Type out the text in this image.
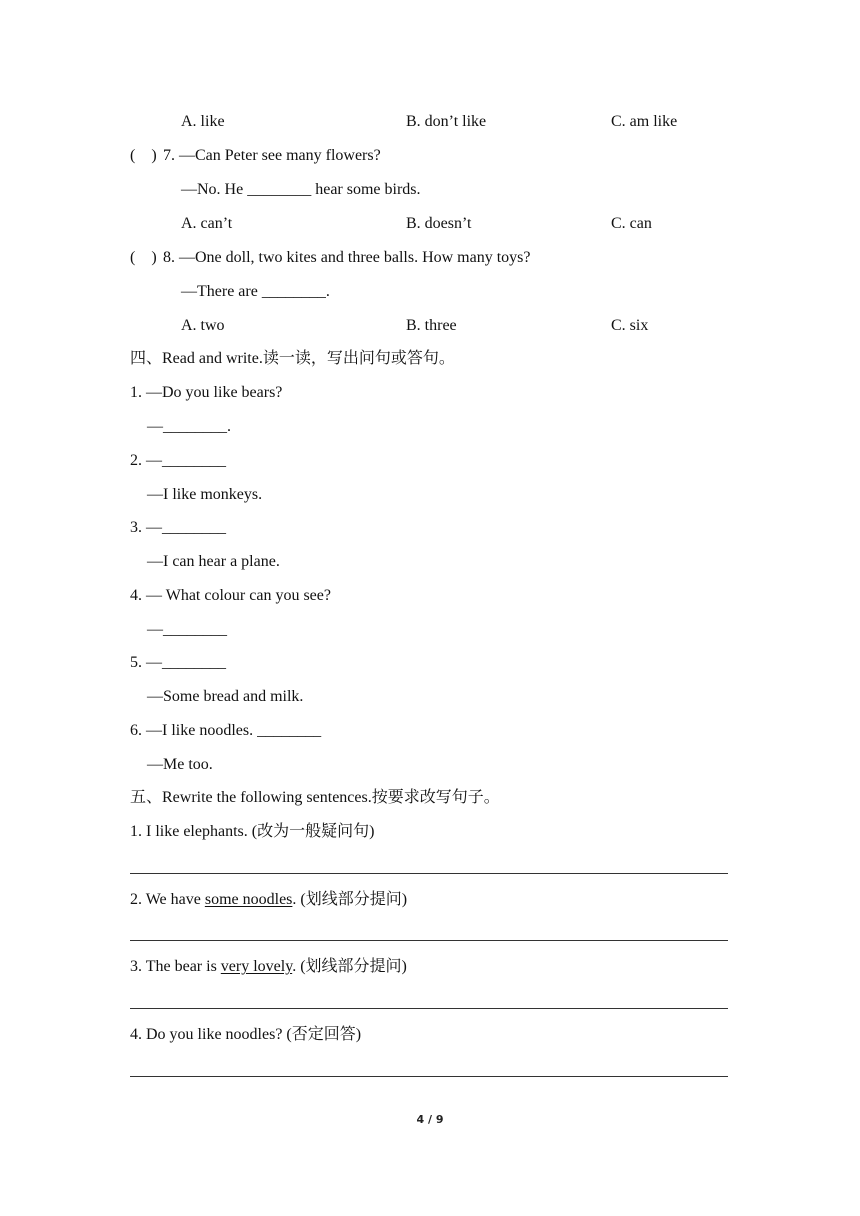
A. like	B. don’t like	C. am like
(    ) 7. —Can Peter see many flowers?
—No. He ________ hear some birds.
A. can’t	B. doesn’t	C. can
(    ) 8. —One doll, two kites and three balls. How many toys?
—There are ________.
A. two	B. three	C. six
四、Read and write.读一读，写出问句或答句。
1. —Do you like bears?
—________.
2. —________
—I like monkeys.
3. —________
—I can hear a plane.
4. — What colour can you see?
—________
5. —________
—Some bread and milk.
6. —I like noodles. ________
—Me too.
五、Rewrite the following sentences.按要求改写句子。
1. I like elephants. (改为一般疑问句)
2. We have some noodles. (划线部分提问)
3. The bear is very lovely. (划线部分提问)
4. Do you like noodles? (否定回答)
4 / 9
